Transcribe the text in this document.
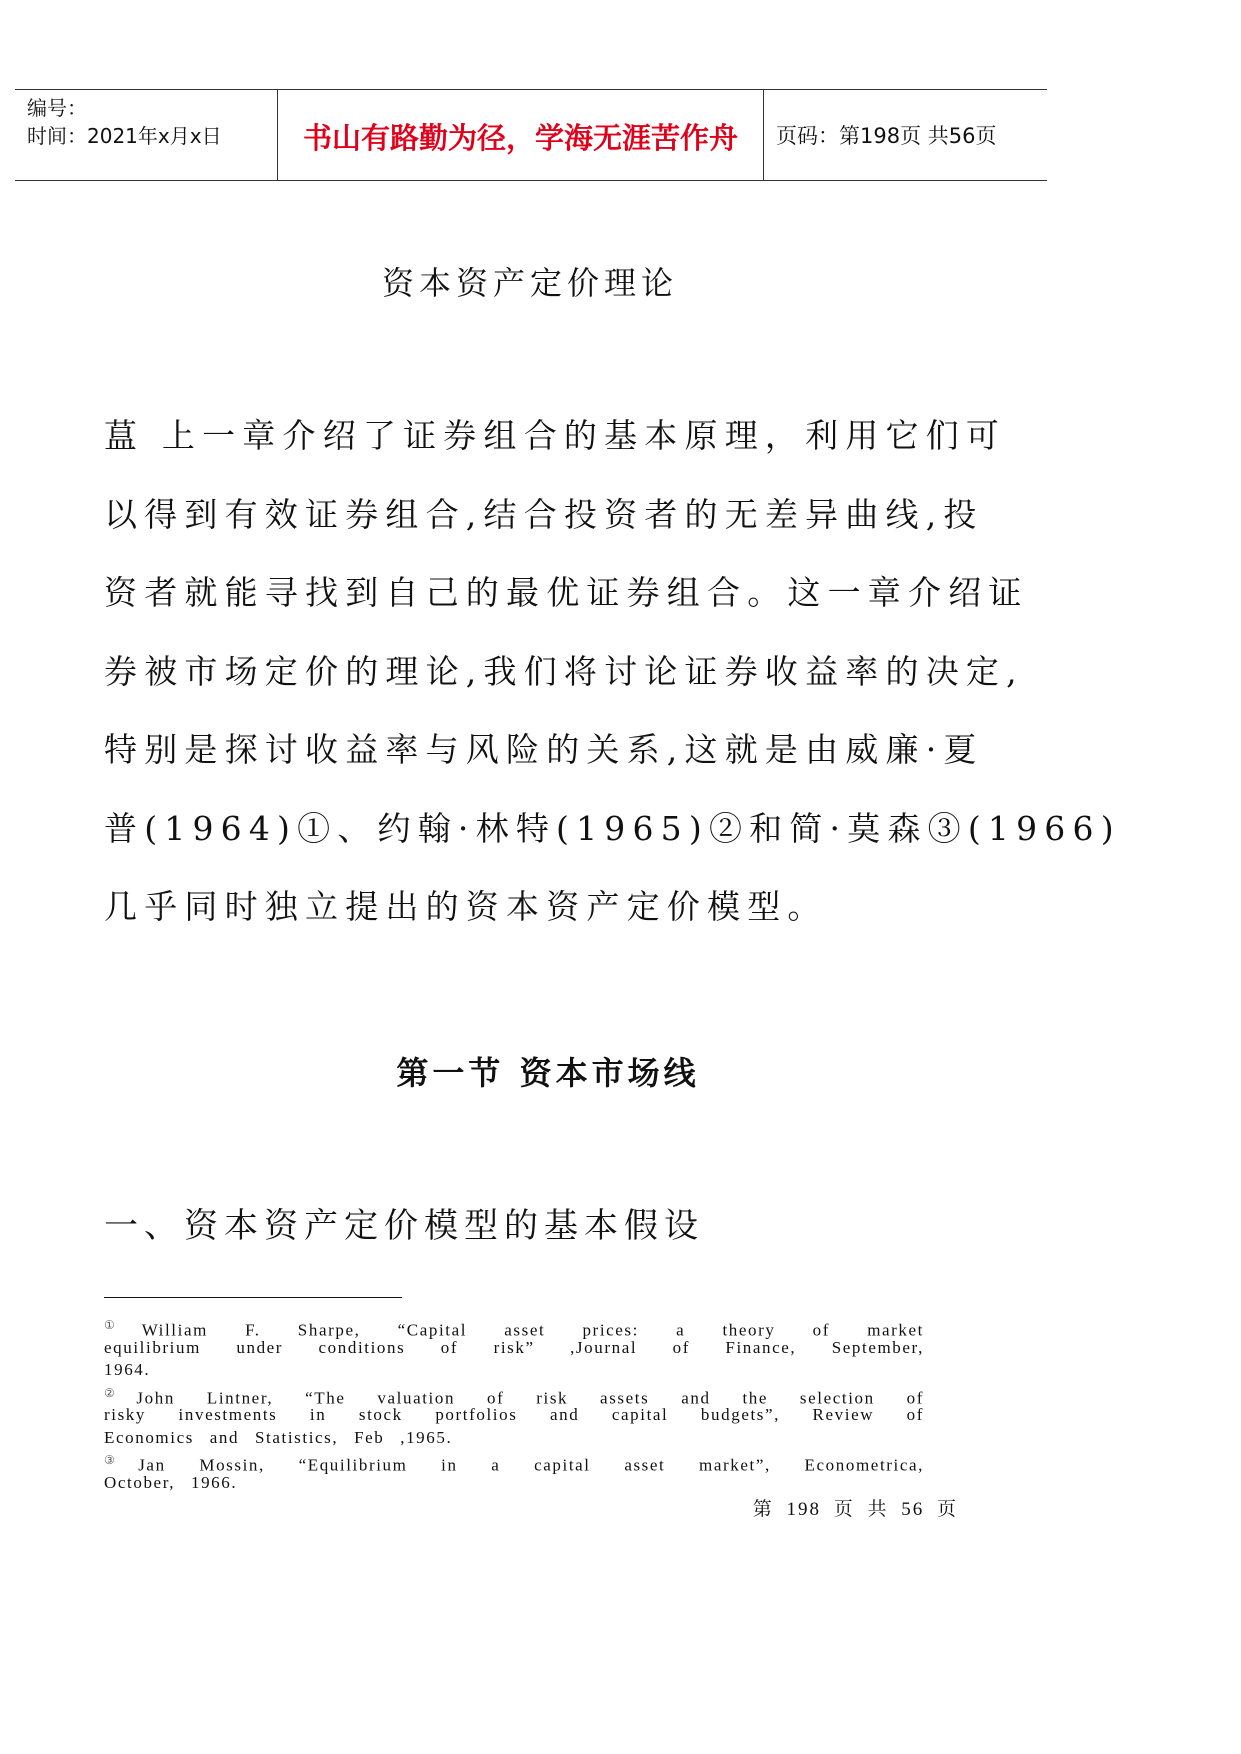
编号：
时间：2021年x月x日	书山有路勤为径，学海无涯苦作舟	页码：第198页 共56页
资本资产定价理论
蒀 上一章介绍了证券组合的基本原理，利用它们可
以得到有效证券组合,结合投资者的无差异曲线,投
资者就能寻找到自己的最优证券组合。这一章介绍证
券被市场定价的理论,我们将讨论证券收益率的决定,
特别是探讨收益率与风险的关系,这就是由威廉·夏
普(1964)①、约翰·林特(1965)②和简·莫森③(1966)
几乎同时独立提出的资本资产定价模型。
第一节 资本市场线
一、资本资产定价模型的基本假设
① William F. Sharpe, “Capital asset prices: a theory of market
equilibrium under conditions of risk” ,Journal of Finance, September,
1964.
② John Lintner, “The valuation of risk assets and the selection of
risky investments in stock portfolios and capital budgets”, Review of
Economics and Statistics, Feb ,1965.
③ Jan Mossin, “Equilibrium in a capital asset market”, Econometrica,
October, 1966.
第 198 页 共 56 页
